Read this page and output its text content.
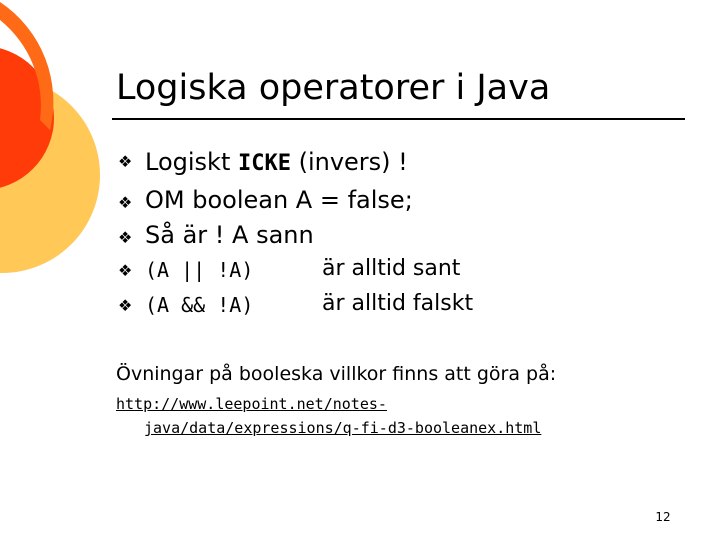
Logiska operatorer i Java
❖ Logiskt ICKE (invers) !
❖ OM boolean A = false;
❖ Så är ! A sann
❖ (A || !A)	är alltid sant
❖ (A && !A)	är alltid falskt
Övningar på booleska villkor finns att göra på:
http://www.leepoint.net/notes-
java/data/expressions/q-fi-d3-booleanex.html
12
